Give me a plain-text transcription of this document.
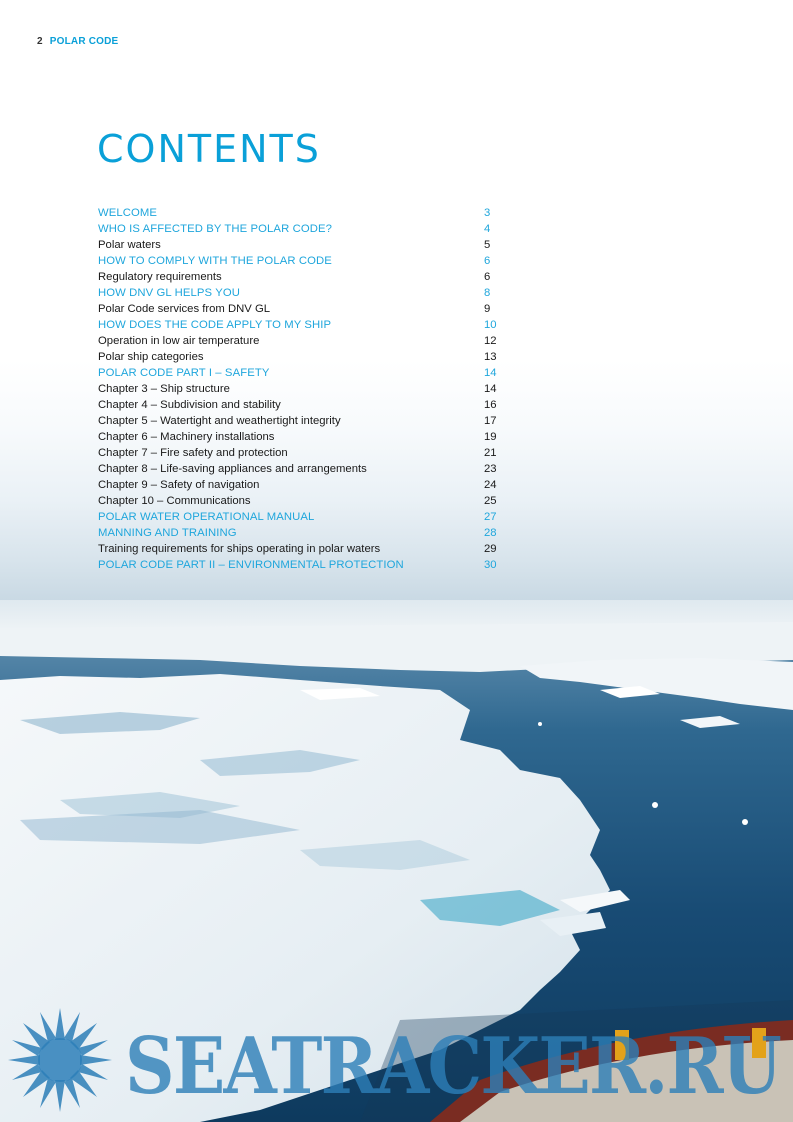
2 POLAR CODE
CONTENTS
WELCOME	3
WHO IS AFFECTED BY THE POLAR CODE?	4
Polar waters	5
HOW TO COMPLY WITH THE POLAR CODE	6
Regulatory requirements	6
HOW DNV GL HELPS YOU	8
Polar Code services from DNV GL	9
HOW DOES THE CODE APPLY TO MY SHIP	10
Operation in low air temperature	12
Polar ship categories	13
POLAR CODE PART I – SAFETY	14
Chapter 3 – Ship structure	14
Chapter 4 – Subdivision and stability	16
Chapter 5 – Watertight and weathertight integrity	17
Chapter 6 – Machinery installations	19
Chapter 7 – Fire safety and protection	21
Chapter 8 – Life-saving appliances and arrangements	23
Chapter 9 – Safety of navigation	24
Chapter 10 – Communications	25
POLAR WATER OPERATIONAL MANUAL	27
MANNING AND TRAINING	28
Training requirements for ships operating in polar waters	29
POLAR CODE PART II – ENVIRONMENTAL PROTECTION	30
SEATRACKER.RU
